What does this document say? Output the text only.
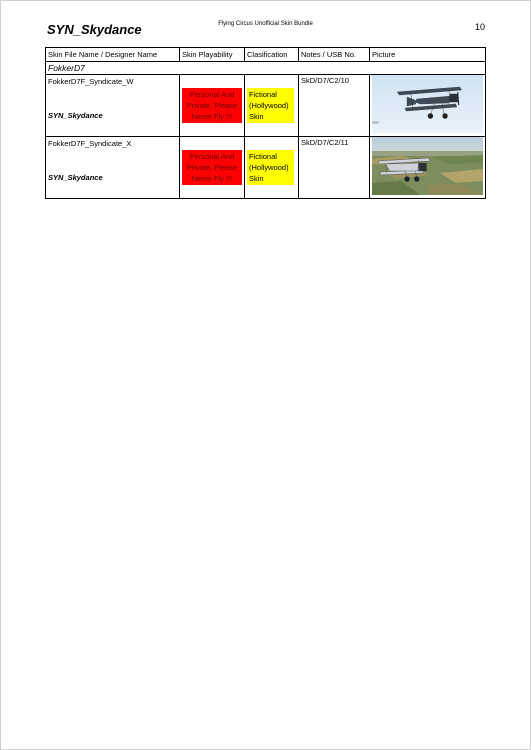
SYN_Skydance	Flying Circus Unofficial Skin Bundle	10
Skin File Name / Designer Name	Skin Playability	Clasification	Notes / USB No.	Picture
FokkerD7				

FokkerD7F_Syndicate_W
SYN_Skydance	Personal And Private, Please Never Fly !!!	Fictional (Hollywood) Skin	SkD/D7/C2/10

FokkerD7F_Syndicate_X
SYN_Skydance	Personal And Private, Please Never Fly !!!	Fictional (Hollywood) Skin	SkD/D7/C2/11
